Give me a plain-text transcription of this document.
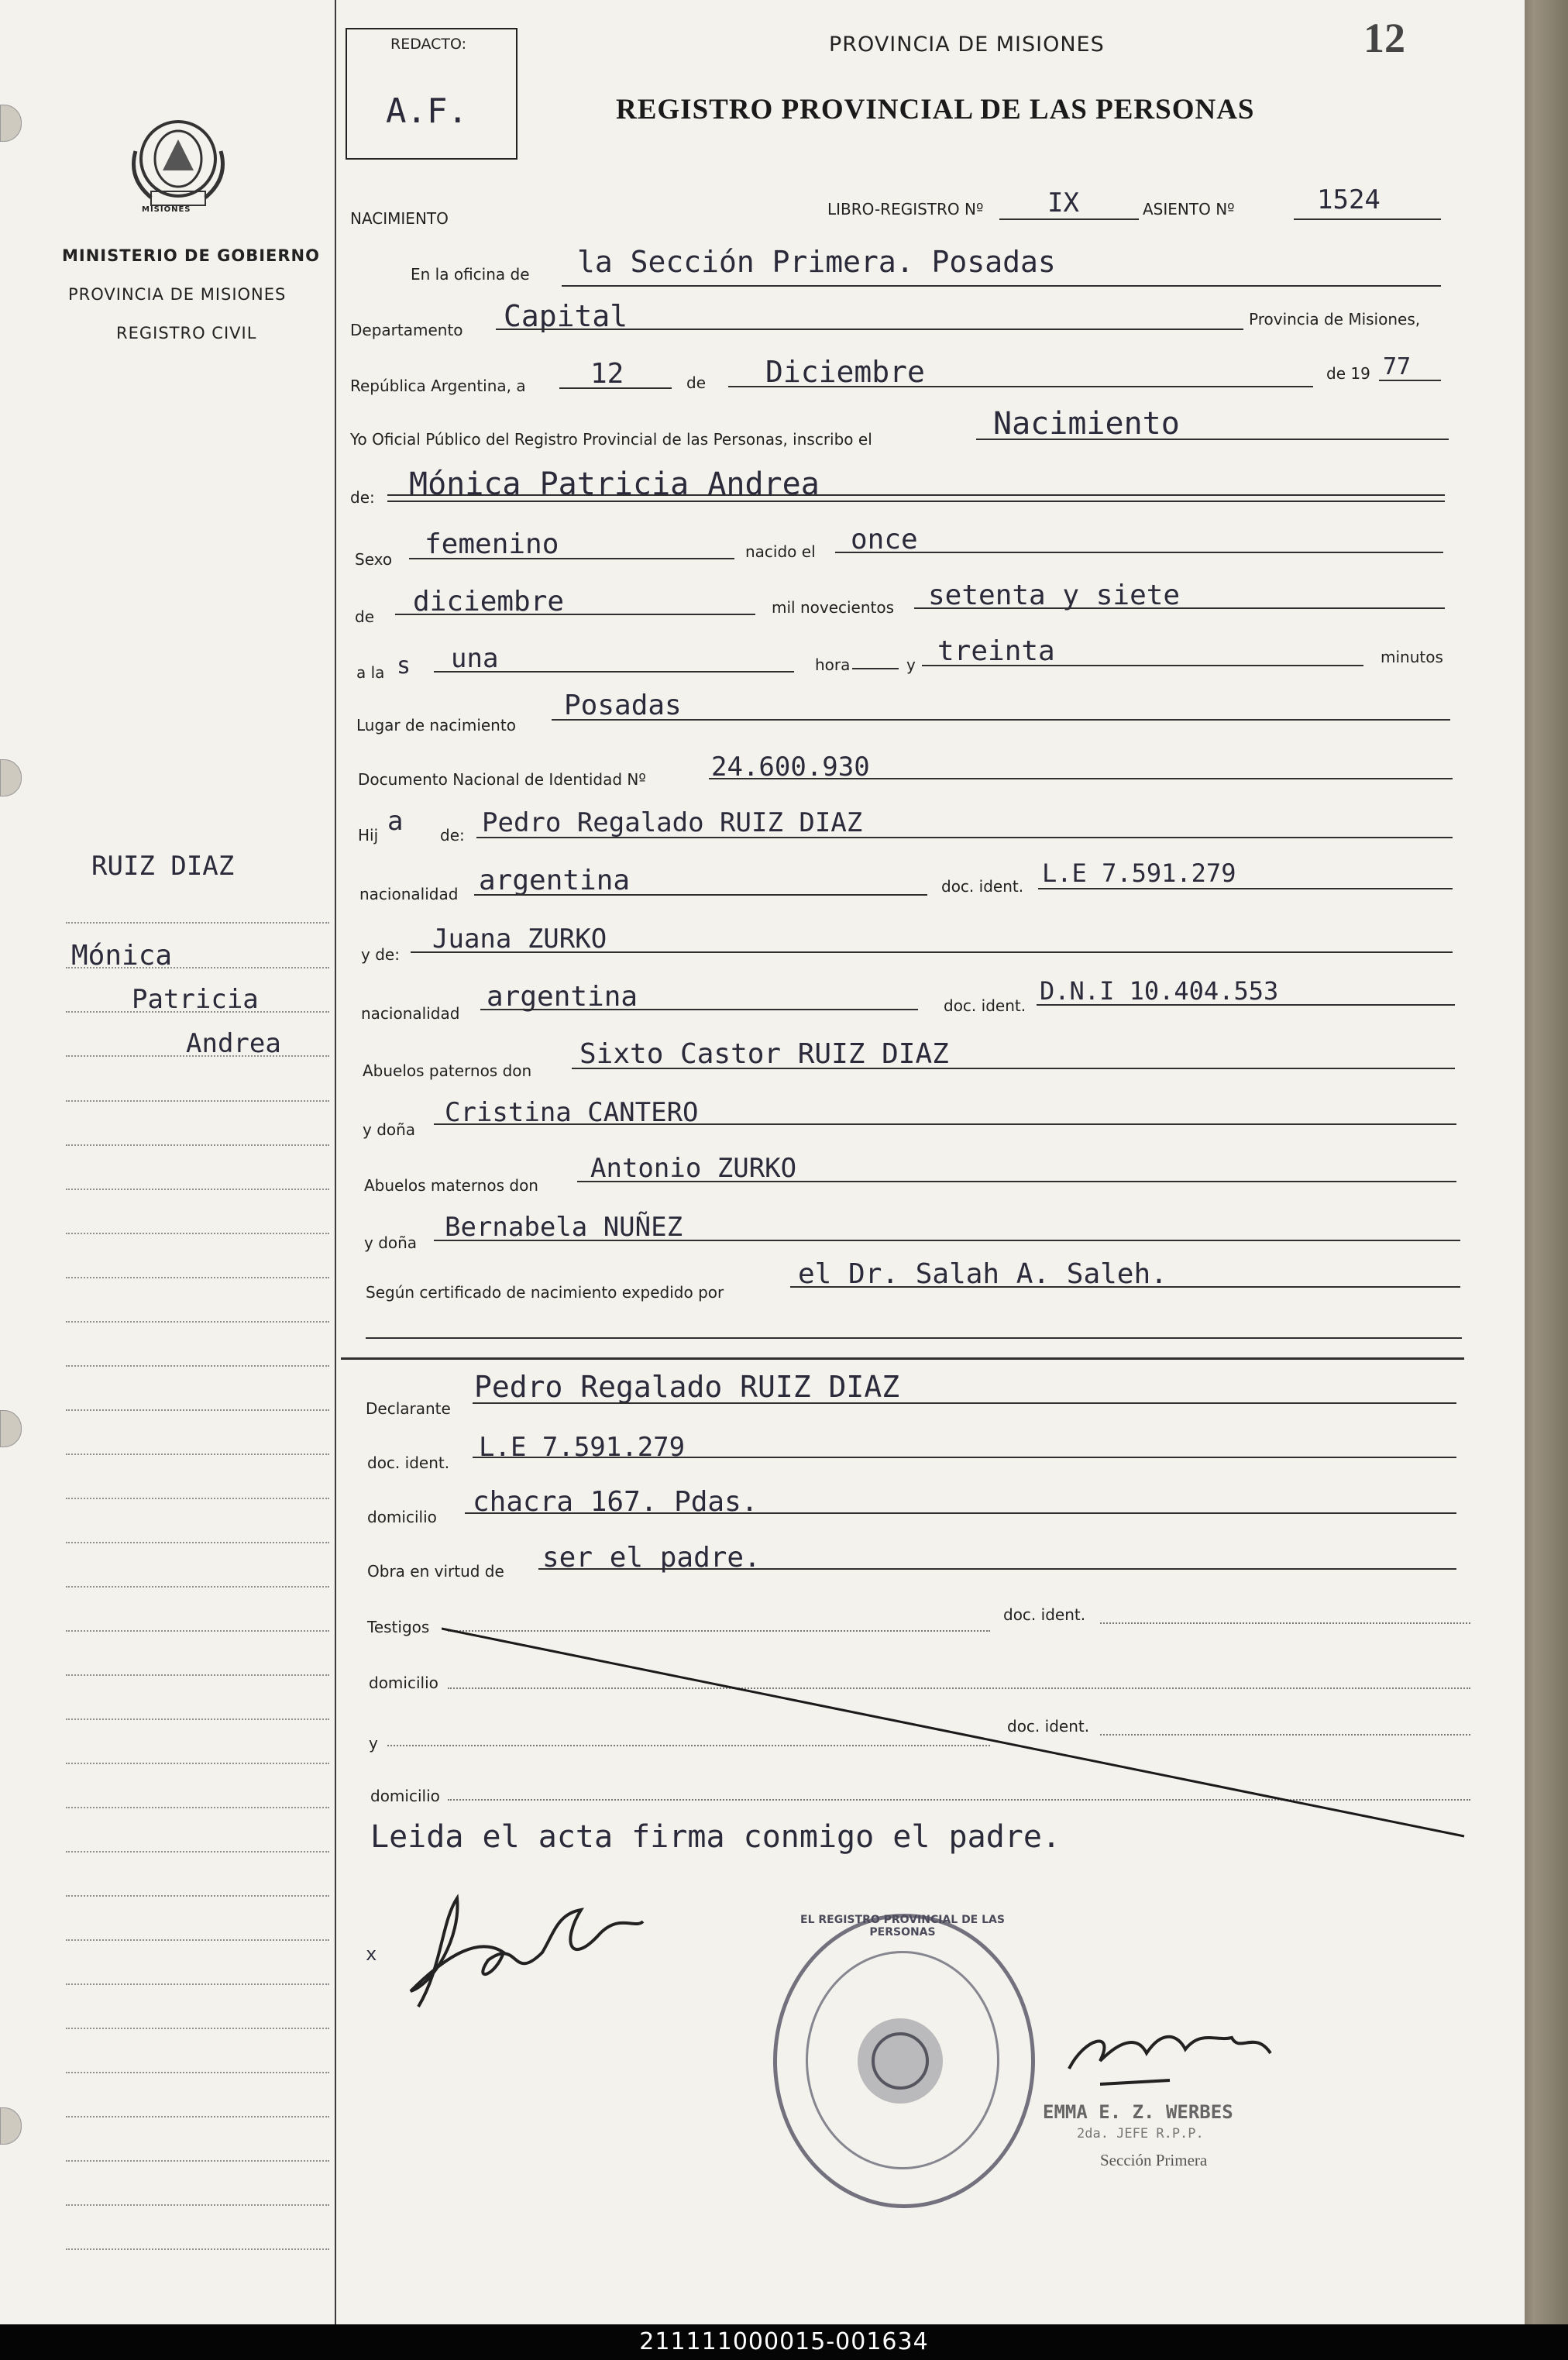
MISIONES
MINISTERIO DE GOBIERNO
PROVINCIA DE MISIONES
REGISTRO CIVIL
RUIZ DIAZ
Mónica
Patricia
Andrea
REDACTO:
A.F.
PROVINCIA DE MISIONES
REGISTRO PROVINCIAL DE LAS PERSONAS
12
NACIMIENTO	LIBRO-REGISTRO Nº IX	ASIENTO Nº	1524
En la oficina de la Sección Primera. Posadas
Departamento Capital	Provincia de Misiones,
República Argentina, a 12	de Diciembre	de 19 77
Yo Oficial Público del Registro Provincial de las Personas, inscribo el	Nacimiento
de: Mónica Patricia Andrea
Sexo femenino	nacido el once
de diciembre	mil novecientos setenta y siete
a la s una	hora	y treinta	minutos
Lugar de nacimiento
Posadas
Documento Nacional de Identidad Nº 24.600.930
Hij a de: Pedro Regalado RUIZ DIAZ
nacionalidad argentina	doc. ident. L.E 7.591.279
y de: Juana ZURKO
nacionalidad
argentina	doc. ident. D.N.I 10.404.553
Abuelos paternos don
Sixto Castor RUIZ DIAZ
y doña
Cristina CANTERO
Abuelos maternos don
Antonio ZURKO
y doña Bernabela NUÑEZ
Según certificado de nacimiento expedido por
el Dr. Salah A. Saleh.
Declarante
Pedro Regalado RUIZ DIAZ
doc. ident. L.E 7.591.279
domicilio chacra 167. Pdas.
Obra en virtud de ser el padre.
Testigos
doc. ident.
domicilio
y
doc. ident.
domicilio
Leida el acta firma conmigo el padre.
x
EL REGISTRO PROVINCIAL DE LAS PERSONAS
EMMA E. Z. WERBES
2da. JEFE R.P.P.
Sección Primera
211111000015-001634
